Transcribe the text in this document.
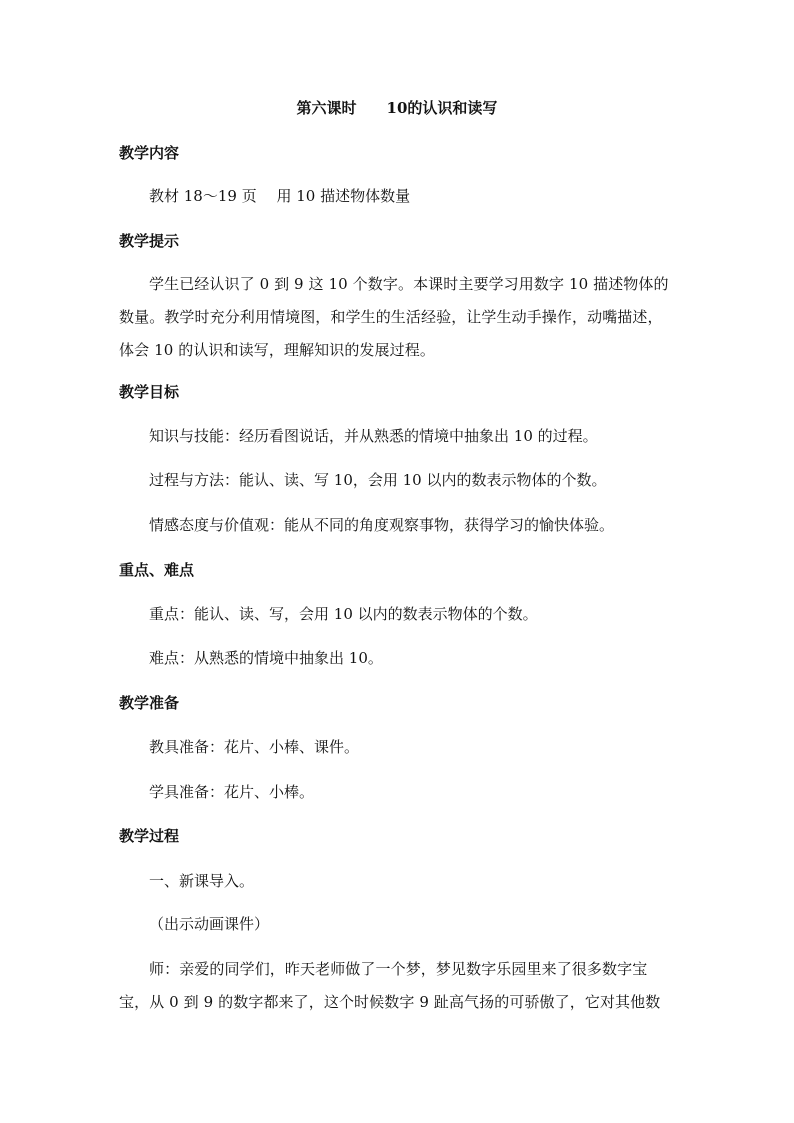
第六课时　　10的认识和读写
教学内容
教材 18～19 页　 用 10 描述物体数量
教学提示
学生已经认识了 0 到 9 这 10 个数字。本课时主要学习用数字 10 描述物体的
数量。教学时充分利用情境图，和学生的生活经验，让学生动手操作，动嘴描述，
体会 10 的认识和读写，理解知识的发展过程。
教学目标
知识与技能：经历看图说话，并从熟悉的情境中抽象出 10 的过程。
过程与方法：能认、读、写 10，会用 10 以内的数表示物体的个数。
情感态度与价值观：能从不同的角度观察事物，获得学习的愉快体验。
重点、难点
重点：能认、读、写，会用 10 以内的数表示物体的个数。
难点：从熟悉的情境中抽象出 10。
教学准备
教具准备：花片、小棒、课件。
学具准备：花片、小棒。
教学过程
一、新课导入。
（出示动画课件）
师：亲爱的同学们，昨天老师做了一个梦，梦见数字乐园里来了很多数字宝
宝，从 0 到 9 的数字都来了，这个时候数字 9 趾高气扬的可骄傲了，它对其他数
